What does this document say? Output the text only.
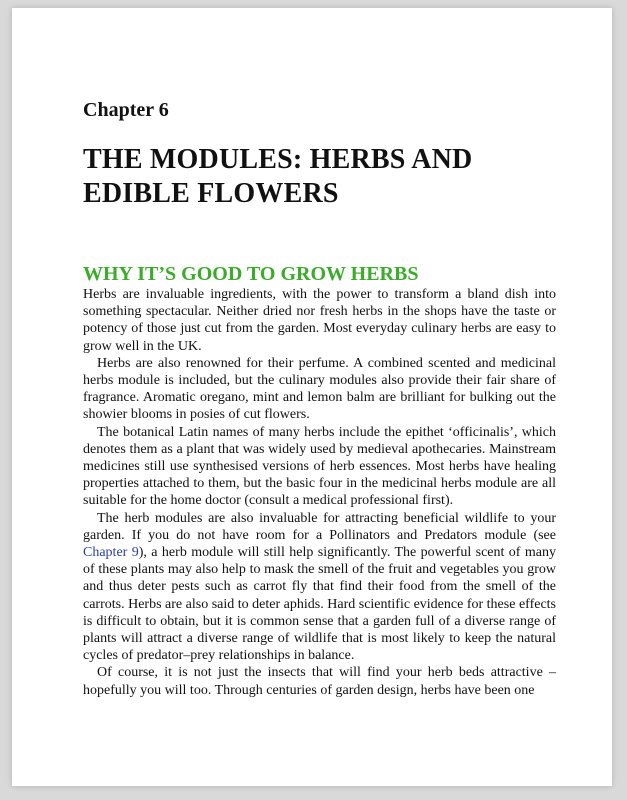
Chapter 6
THE MODULES: HERBS AND EDIBLE FLOWERS
WHY IT’S GOOD TO GROW HERBS

Herbs are invaluable ingredients, with the power to transform a bland dish into something spectacular. Neither dried nor fresh herbs in the shops have the taste or potency of those just cut from the garden. Most everyday culinary herbs are easy to grow well in the UK.

Herbs are also renowned for their perfume. A combined scented and medicinal herbs module is included, but the culinary modules also provide their fair share of fragrance. Aromatic oregano, mint and lemon balm are brilliant for bulking out the showier blooms in posies of cut flowers.

The botanical Latin names of many herbs include the epithet ‘officinalis’, which denotes them as a plant that was widely used by medieval apothecaries. Mainstream medicines still use synthesised versions of herb essences. Most herbs have healing properties attached to them, but the basic four in the medicinal herbs module are all suitable for the home doctor (consult a medical professional first).

The herb modules are also invaluable for attracting beneficial wildlife to your garden. If you do not have room for a Pollinators and Predators module (see Chapter 9), a herb module will still help significantly. The powerful scent of many of these plants may also help to mask the smell of the fruit and vegetables you grow and thus deter pests such as carrot fly that find their food from the smell of the carrots. Herbs are also said to deter aphids. Hard scientific evidence for these effects is difficult to obtain, but it is common sense that a garden full of a diverse range of plants will attract a diverse range of wildlife that is most likely to keep the natural cycles of predator–prey relationships in balance.

Of course, it is not just the insects that will find your herb beds attractive – hopefully you will too. Through centuries of garden design, herbs have been one
